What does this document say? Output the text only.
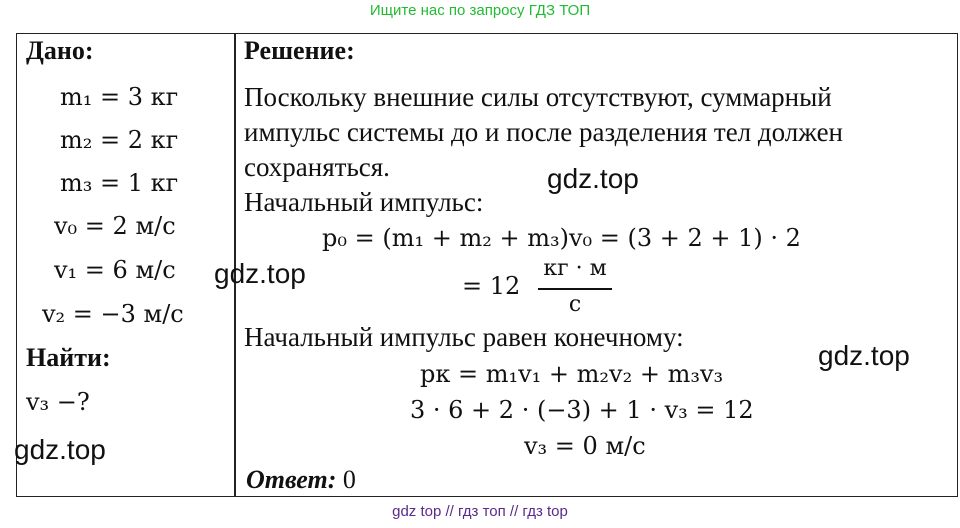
Ищите нас по запросу ГДЗ ТОП
Дано:
m₁ = 3 кг
m₂ = 2 кг
m₃ = 1 кг
v₀ = 2 м/с
v₁ = 6 м/с
v₂ = −3 м/с
Найти:
v₃ −?
Решение:
Поскольку внешние силы отсутствуют, суммарный
импульс системы до и после разделения тел должен
сохраняться.
Начальный импульс:
p₀ = (m₁ + m₂ + m₃)v₀ = (3 + 2 + 1) · 2
= 12
кг · м
с
Начальный импульс равен конечному:
pк = m₁v₁ + m₂v₂ + m₃v₃
3 · 6 + 2 · (−3) + 1 · v₃ = 12
v₃ = 0 м/с
Ответ: 0
gdz.top
gdz.top
gdz.top
gdz.top
gdz top // гдз топ // гдз top
